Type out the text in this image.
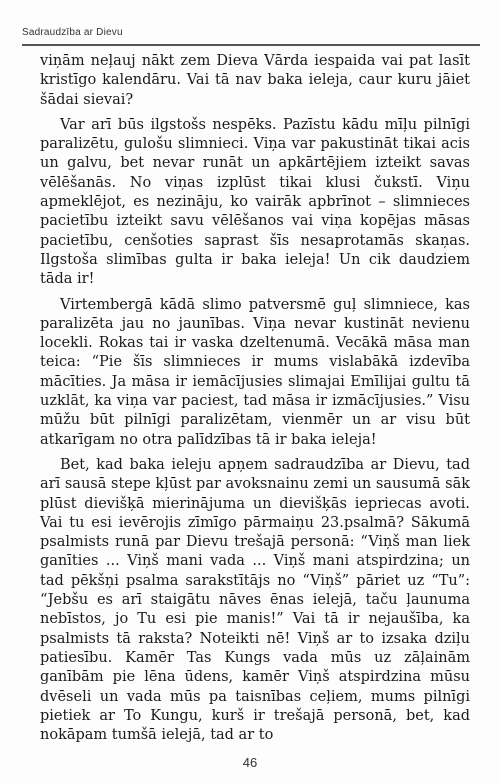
Sadraudzība ar Dievu

viņām neļauj nākt zem Dieva Vārda iespaida vai pat lasīt kristīgo kalendāru. Vai tā nav baka ieleja, caur kuru jāiet šādai sievai?

Var arī būs ilgstošs nespēks. Pazīstu kādu mīļu pilnīgi paralizētu, gulošu slimnieci. Viņa var pakustināt tikai acis un galvu, bet nevar runāt un apkārtējiem izteikt savas vēlēšanās. No viņas izplūst tikai klusi čukstī. Viņu apmeklējot, es nezināju, ko vairāk apbrīnot – slimnieces pacietību izteikt savu vēlēšanos vai viņa kopējas māsas pacietību, cenšoties saprast šīs nesaprotamās skaņas. Ilgstoša slimības gulta ir baka ieleja! Un cik daudziem tāda ir!

Virtembergā kādā slimo patversmē guļ slimniece, kas paralizēta jau no jaunības. Viņa nevar kustināt nevienu locekli. Rokas tai ir vaska dzeltenumā. Vecākā māsa man teica: “Pie šīs slimnieces ir mums vislabākā izdevība mācīties. Ja māsa ir iemācījusies slimajai Emīlijai gultu tā uzklāt, ka viņa var paciest, tad māsa ir izmācījusies.” Visu mūžu būt pilnīgi paralizētam, vienmēr un ar visu būt atkarīgam no otra palīdzības tā ir baka ieleja!

Bet, kad baka ieleju apņem sadraudzība ar Dievu, tad arī sausā stepe kļūst par avoksnainu zemi un sausumā sāk plūst dievišķā mierinājuma un dievišķās iepriecas avoti. Vai tu esi ievērojis zīmīgo pārmaiņu 23.psalmā? Sākumā psalmists runā par Dievu trešajā personā: “Viņš man liek ganīties ... Viņš mani vada ... Viņš mani atspirdzina; un tad pēkšņi psalma sarakstītājs no “Viņš” pāriet uz “Tu”: “Jebšu es arī staigātu nāves ēnas ielejā, taču ļaunuma nebīstos, jo Tu esi pie manis!” Vai tā ir nejaušība, ka psalmists tā raksta? Noteikti nē! Viņš ar to izsaka dziļu patiesību. Kamēr Tas Kungs vada mūs uz zāļainām ganībām pie lēna ūdens, kamēr Viņš atspirdzina mūsu dvēseli un vada mūs pa taisnības ceļiem, mums pilnīgi pietiek ar To Kungu, kurš ir trešajā personā, bet, kad nokāpam tumšā ielejā, tad ar to

46
